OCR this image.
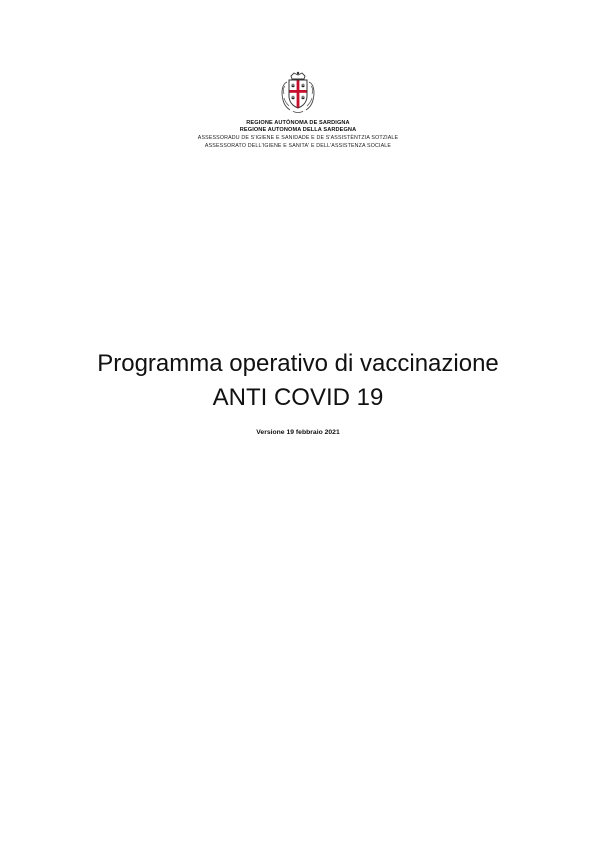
REGIONE AUTÒNOMA DE SARDIGNA

REGIONE AUTONOMA DELLA SARDEGNA

ASSESSORADU DE S'IGIENE E SANIDADE E DE S'ASSISTÈNTZIA SOTZIALE

ASSESSORATO DELL'IGIENE E SANITA' E DELL'ASSISTENZA SOCIALE

Programma operativo di vaccinazione

ANTI COVID 19

Versione 19 febbraio 2021
